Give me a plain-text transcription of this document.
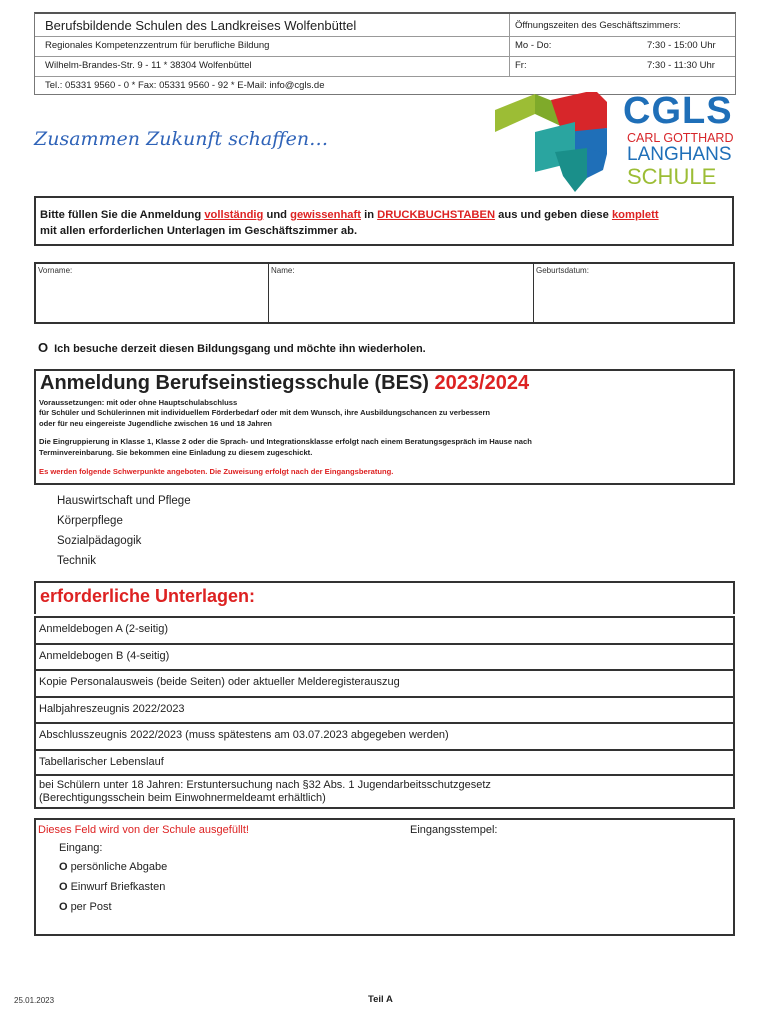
Berufsbildende Schulen des Landkreises Wolfenbüttel
Regionales Kompetenzzentrum für berufliche Bildung
Wilhelm-Brandes-Str. 9 - 11 * 38304 Wolfenbüttel
Tel.: 05331 9560 - 0 * Fax: 05331 9560 - 92 * E-Mail: info@cgls.de
Öffnungszeiten des Geschäftszimmers:
Mo - Do:	7:30 - 15:00 Uhr
Fr:	7:30 - 11:30 Uhr
Zusammen Zukunft schaffen…
CGLS
CARL GOTTHARD
LANGHANS
SCHULE
Bitte füllen Sie die Anmeldung vollständig und gewissenhaft in DRUCKBUCHSTABEN aus und geben diese komplett
mit allen erforderlichen Unterlagen im Geschäftszimmer ab.
Vorname:	Name:	Geburtsdatum:
O Ich besuche derzeit diesen Bildungsgang und möchte ihn wiederholen.
Anmeldung Berufseinstiegsschule (BES) 2023/2024
Voraussetzungen: mit oder ohne Hauptschulabschluss
für Schüler und Schülerinnen mit individuellem Förderbedarf oder mit dem Wunsch, ihre Ausbildungschancen zu verbessern
oder für neu eingereiste Jugendliche zwischen 16 und 18 Jahren
Die Eingruppierung in Klasse 1, Klasse 2 oder die Sprach- und Integrationsklasse erfolgt nach einem Beratungsgespräch im Hause nach
Terminvereinbarung. Sie bekommen eine Einladung zu diesem zugeschickt.
Es werden folgende Schwerpunkte angeboten. Die Zuweisung erfolgt nach der Eingangsberatung.
Hauswirtschaft und Pflege
Körperpflege
Sozialpädagogik
Technik
erforderliche Unterlagen:
Anmeldebogen A (2-seitig)
Anmeldebogen B (4-seitig)
Kopie Personalausweis (beide Seiten) oder aktueller Melderegisterauszug
Halbjahreszeugnis 2022/2023
Abschlusszeugnis 2022/2023 (muss spätestens am 03.07.2023 abgegeben werden)
Tabellarischer Lebenslauf
bei Schülern unter 18 Jahren: Erstuntersuchung nach §32 Abs. 1 Jugendarbeitsschutzgesetz
(Berechtigungsschein beim Einwohnermeldeamt erhältlich)
Dieses Feld wird von der Schule ausgefüllt!	Eingangsstempel:
Eingang:
O persönliche Abgabe
O Einwurf Briefkasten
O per Post
25.01.2023	Teil A
